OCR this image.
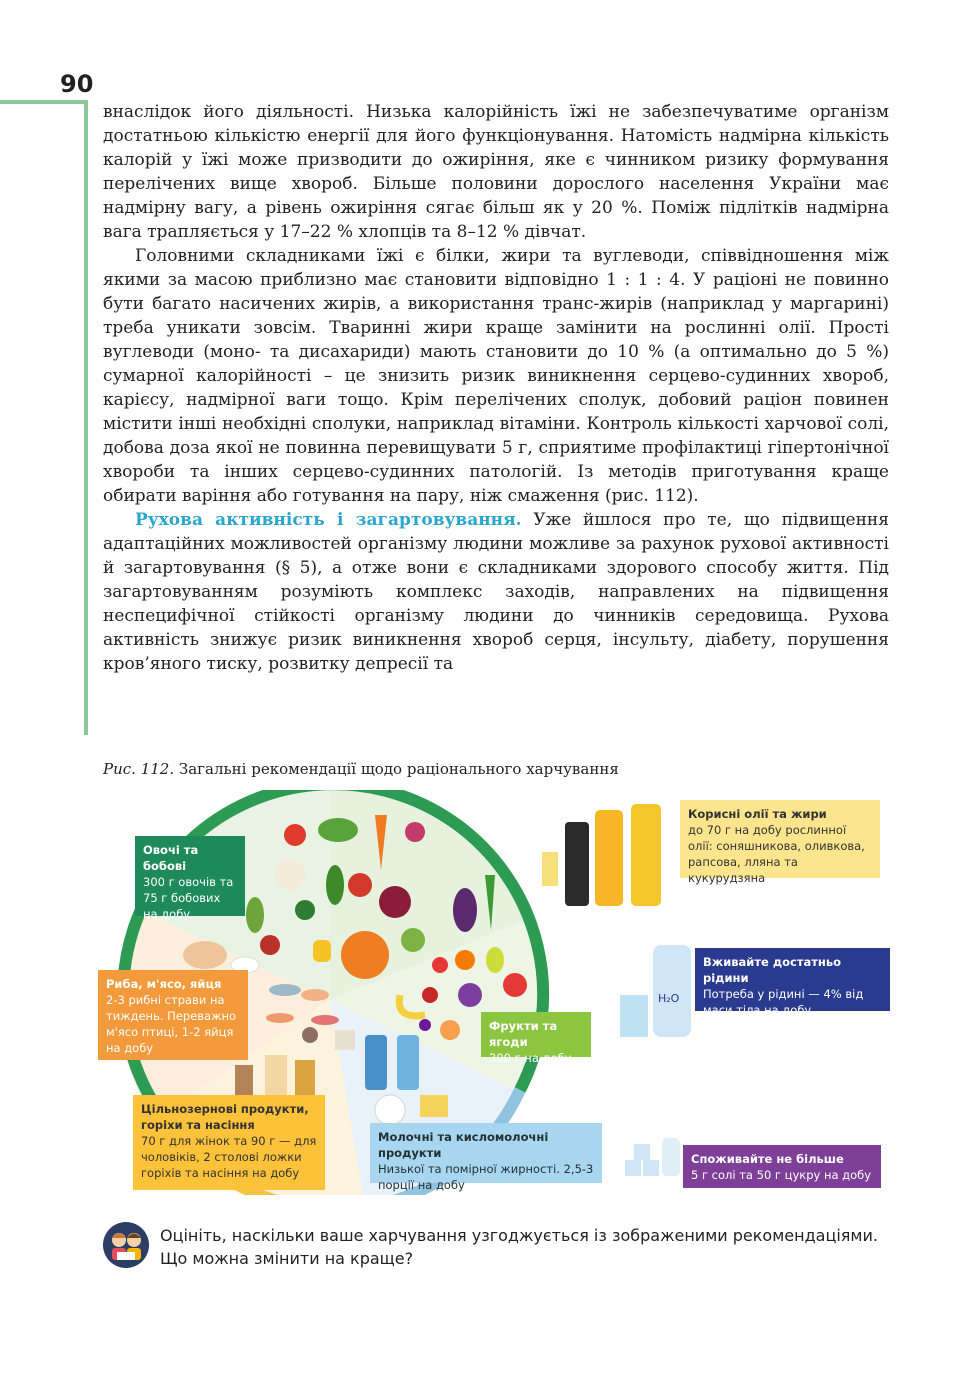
90

внаслідок його діяльності. Низька калорійність їжі не забезпечуватиме організм достатньою кількістю енергії для його функціонування. Натомість надмірна кількість калорій у їжі може призводити до ожиріння, яке є чинником ризику формування перелічених вище хвороб. Більше половини дорослого населення України має надмірну вагу, а рівень ожиріння сягає більш як у 20 %. Поміж підлітків надмірна вага трапляється у 17–22 % хлопців та 8–12 % дівчат.

Головними складниками їжі є білки, жири та вуглеводи, співвідношення між якими за масою приблизно має становити відповідно 1 : 1 : 4. У раціоні не повинно бути багато насичених жирів, а використання транс-жирів (наприклад у маргарині) треба уникати зовсім. Тваринні жири краще замінити на рослинні олії. Прості вуглеводи (моно- та дисахариди) мають становити до 10 % (а оптимально до 5 %) сумарної калорійності – це знизить ризик виникнення серцево-судинних хвороб, карієсу, надмірної ваги тощо. Крім перелічених сполук, добовий раціон повинен містити інші необхідні сполуки, наприклад вітаміни. Контроль кількості харчової солі, добова доза якої не повинна перевищувати 5 г, сприятиме профілактиці гіпертонічної хвороби та інших серцево-судинних патологій. Із методів приготування краще обирати варіння або готування на пару, ніж смаження (рис. 112).

Рухова активність і загартовування. Уже йшлося про те, що підвищення адаптаційних можливостей організму людини можливе за рахунок рухової активності й загартовування (§ 5), а отже вони є складниками здорового способу життя. Під загартовуванням розуміють комплекс заходів, направлених на підвищення неспецифічної стійкості організму людини до чинників середовища. Рухова активність знижує ризик виникнення хвороб серця, інсульту, діабету, порушення кров’яного тиску, розвитку депресії та

Рис. 112. Загальні рекомендації щодо раціонального харчування
H₂O
Овочі та бобові
300 г овочів та 75 г бобових на добу
Риба, м'ясо, яйця
2-3 рибні страви на тиждень. Переважно м'ясо птиці, 1-2 яйця на добу
Цільнозернові продукти, горіхи та насіння
70 г для жінок та 90 г — для чоловіків, 2 столові ложки горіхів та насіння на добу
Молочні та кисломолочні продукти
Низької та помірної жирності. 2,5-3 порції на добу
Фрукти та ягоди
300 г на добу
Корисні олії та жири
до 70 г на добу рослинної олії: соняшникова, оливкова, рапсова, лляна та кукурудзяна
Вживайте достатньо рідини
Потреба у рідині — 4% від маси тіла на добу
Споживайте не більше
5 г солі та 50 г цукру на добу
Оцініть, наскільки ваше харчування узгоджується із зображеними рекомендаціями. Що можна змінити на краще?
